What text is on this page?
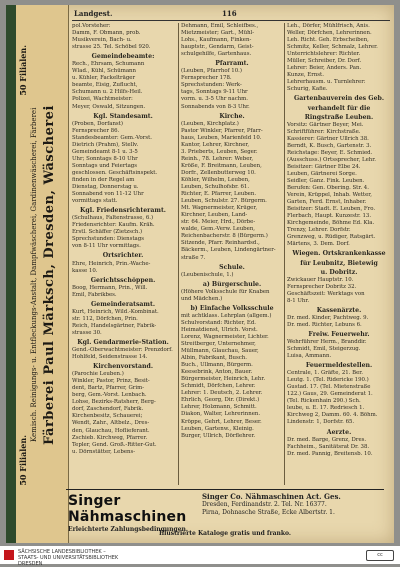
50 Filialen.
50 Filialen.
Kemisch. Reinigungs- u. Entfleckungs-Anstalt, Dampfwäscherei, Gardinenwäscherei, Färberei Färberei Paul Märksch, Dresden, Wäscherei
Landgest.	116
pol.Vorsteher:
Damm, F. Obmann, prob.
Musikverein, Bach- u.
strasse 25. Tel. Schöbel 920.
Gemeindebeamte:
Rech., Ehrsam, Schumann
Wlad., Kühl, Schümann
u. Kühler, Fackelträger
beamte, Eisig, Zuflucht,
Schumann u. 2 Hilfs-Heil.
Polizei, Wachtmeister:
Meyer, Oswald, Sitzungen.
Kgl. Standesamt.
(Proben, Dorfanst)
Fernsprecher 86.
Standesbeamter: Gem.-Vorst.
Dietrich (Prahm), Stellv.
Gemeindeamt 8-1 u. 3-5
Uhr; Sonntags 8-10 Uhr
Sonntags und Feiertags
geschlossen. Geschäftsinspekt.
finden in der Regel am
Dienstag, Donnerstag u.
Sonnabend von 11-12 Uhr
vormittags statt.
Kgl. Friedensrichteramt.
(Schulhaus, Faltenstrasse, 6.)
Friedensrichter: Kaufm. Kräh.
Erstl. Schäffer (Zietzsch.)
Sprechstunden: Dienstags
von 8-11 Uhr vormittags.
Ortsrichter.
Ehre, Heinrich, Prin.-Wache-
kasse 10.
Gerichtsschöppen.
Boog, Hermann, Prin., Will.
Emil, Fabrikbes.
Gemeinderatsamt.
Kurt, Heinrich, Wild.-Kombinat.
str. 112, Dörfchen, Prin.
Reich, Handelsgärtner, Fabrik-
strasse 30.
Kgl. Gendarmerie-Station.
Gend.-Oberwachtmeister: Prenzdorf.
Hohlfeld, Seidenstrasse 14.
Kirchenvorstand.
(Parochie Leuben.)
Winkler, Pastor, Prinz, Besit-
dent, Bartz, Pfarrer, Grim-
berg, Gem.-Vorst. Lenbach.
Lohse, Bezirks-Ratsherr, Berg-
dorf, Zaschendorf, Fabrik.
Kirchenbesitz, Schauerei;
Wendt, Zahr., Altbelz., Dres-
den, Glauchau, Hoflieferant.
Zschieb. Kirchweg, Pfarrer.
Tepler, Gend. Groß.-Ritter-Gut.
u. Dörnstätter, Lebens-
Dehmann, Emil, Schleifbes.,
Mietzmeister; Gart., Mühl-
Lohs., Kaufmann, Finken-
hauptstr., Gendarm, Geist-
schulgehilfe, Gartenhaus.
Pfarramt.
(Leuben, Pfarrhof 10.)
Fernsprecher 178.
Sprechstunden: Werk-
tags, Sonntags 9-11 Uhr
vorm. u. 3-5 Uhr nachm.
Sonnabends von 8-3 Uhr.
Kirche.
(Leuben, Kirchplatz.)
Pastor Winkler, Pfarrer, Pfarr-
haus, Leuben, Marienfeld 10.
Kantor, Lehrer, Kirchner,
3. Prieberts, Leuben, Seger.
Reinh., 78. Lehrer: Weber,
Kröße, F. Breitmann, Leuben,
Dorfr., Zellenbutterweg 10.
Köhler, Wilhelm, Leuben,
Leuben, Schulhofsbr. 61.
Richter, E. Pfarrer, Leuben.
Leuben, Schulstr. 27. Bürgerm.
Mt. Wagnermeister, Krüger,
Kirchner, Leuben, Land-
str. 64. Meier, Hrd., Dörbe-
walde, Gem.-Verw. Leuben,
Reichenbacherstr. 8 (Bürgerm.)
Sitzende, Pfarr. Reinhardsd.,
Bäckerm., Leuben, Lindengärtner-
straße 7.
Schule.
(Leubenischule, 1.)
a) Bürgerschule.
(Höhere Volksschule für Knaben
und Mädchen.)
b) Einfache Volksschule
mit achtklass. Lehrplan (allgem.)
Schulvorstand: Richter, Ed.
Heimatdienst, Ulrich. Vorst.
Lorenz, Wagnermeister, Lichter.
Streitberger, Unternehmer,
Müllmann, Glauchau, Sauer,
Albin, Fabrikant, Busch.
Buch., Ullmann, Bürgerm.
Keesebrink, Anton, Bauer.
Bürgermeister, Heinrich, Lehr.
Schmidt, Dörfchen, Lehrer.
Lehrer: 1. Deutsch, 2. Lehrer.
Ehrlich, Georg, Dir. (Direkt.)
Lehrer, Holzmann, Schmitt.
Diakon, Walter, Lehrerinnen.
Kröppe, Gehrt, Lehrer, Beser.
Leuben, Gartenw., Kleinig.
Burger, Ullrich, Dörflehrer.
Leh., Dörfer, Mühlfrisch, Anis.
Weller, Dörfchen, Lehrerinnen.
Leh. Richt. Geh. Erbscheiben,
Schmitz, Keller, Schmalz, Lehrer.
Unterrichtslehrer: Richter.
Müller, Schreiber, Dr. Dorf.
Lehrer: Beier, Anders. Pan.
Kunze, Ernst.
Lehrerhausm. u. Turnlehrer:
Schurig, Kafie.
Gartenbauverein des Geb.
verhandelt für die
Ringstraße Leuben.
Vorsitz: Gärtner Beyer, Mei.
Schriftführer: Kirchstraße.
Kassierer: Gärtner Ullrich 38.
Berndt, K. Busch, Gartenstr. 3.
Reichstage: Beyer, E. Schmied.
(Ausschuss.) Ortssprecher, Lehr.
Beisitzer: Gärtner Elbe 24.
Leuben, Gärtnerei Sorge.
Seidler, Ganz. Fink. Leuben.
Berufen: Gen. Obering. Str. 4.
Verein, Krüppel, Inhab. Wetter,
Garten, Ferd. Ernst, Inhaber.
Beisitzer: Stadt. E. Leuben, Fro.
Flerbach, Haupt. Kunzestr. 13.
Kirchgemeinde, Böhme Ed. Kla.
Trenzy, Lehrer. Dorfstr.
Grenzweg, u. Rüdiger, Ratsgärt.
Märtens, 3. Dem. Dorf.
Wiegen. Ortskrankenkasse
für Leubnitz, Bietewig
u. Dobritz.
Zwickauer Hauptstr. 10.
Fernsprecher Dobritz 32.
Geschäftszeit: Werktags von
8-1 Uhr.
Kassenärzte.
Dr. med. Kinder, Pachtweg. 9.
Dr. med. Richter, Lebuns 6.
Freiw. Feuerwehr.
Wehrführer Herm., Branddir.
Schmidt, Emil, Steigerzug.
Luisa, Ammann.
Feuermeldestellen.
Centrale, 1. Gräfte, 21. Ber.
Leutg. 1. (Tel. Ridericke 190.)
Gustad. 17. (Tel. Mietenstraße
122.) Gaus, 29. Gemeinderat 1.
(Tel. Rickenhain 290.) Sch.
leube, u. E. 17. Redriesch 1.
Kirchweg 2, Damm. 60. 4. Böhm.
Lindenstr. 1, Dorfstr. 65.
Aerzte.
Dr. med. Barge, Grenz, Dres.
Fachheim., Sanitätsrat Dr. 38.
Dr. med. Pannig, Breitensb. 10.
Singer Nähmaschinen
Erleichterte Zahlungsbedingungen.
Singer Co. Nähmaschinen Act. Ges.
Dresden, Ferdinandstr. 2. Tel. Nr. 16377.
Pirna, Dohnasche Straße, Ecke Albertstr. 1.
Illustrierte Kataloge gratis und franko.
SÄCHSISCHE LANDESBIBLIOTHEK –
STAATS- UND UNIVERSITÄTSBIBLIOTHEK
DRESDEN
cc
